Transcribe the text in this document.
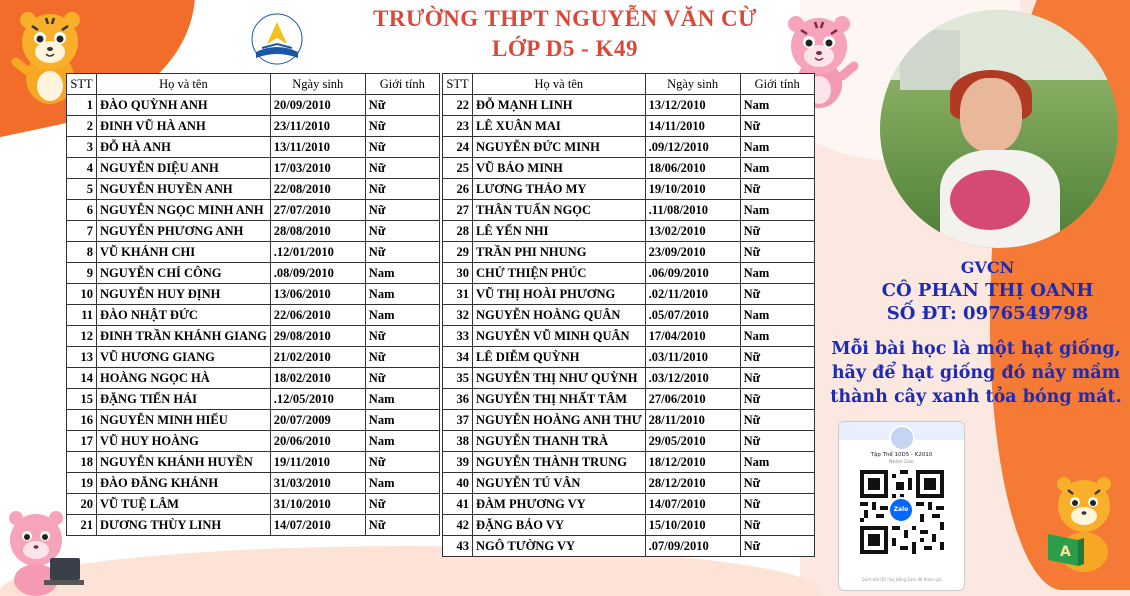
A
TRƯỜNG THPT NGUYỄN VĂN CỪ
LỚP D5 - K49
STT	Họ và tên	Ngày sinh	Giới tính
1	ĐÀO QUỲNH ANH	20/09/2010	Nữ
2	ĐINH VŨ HÀ ANH	23/11/2010	Nữ
3	ĐỖ HÀ ANH	13/11/2010	Nữ
4	NGUYỄN DIỆU ANH	17/03/2010	Nữ
5	NGUYỄN HUYỀN ANH	22/08/2010	Nữ
6	NGUYỄN NGỌC MINH ANH	27/07/2010	Nữ
7	NGUYỄN PHƯƠNG ANH	28/08/2010	Nữ
8	VŨ KHÁNH CHI	.12/01/2010	Nữ
9	NGUYỄN CHÍ CÔNG	.08/09/2010	Nam
10	NGUYỄN HUY ĐỊNH	13/06/2010	Nam
11	ĐÀO NHẬT ĐỨC	22/06/2010	Nam
12	ĐINH TRẦN KHÁNH GIANG	29/08/2010	Nữ
13	VŨ HƯƠNG GIANG	21/02/2010	Nữ
14	HOÀNG NGỌC HÀ	18/02/2010	Nữ
15	ĐẶNG TIẾN HẢI	.12/05/2010	Nam
16	NGUYỄN MINH HIẾU	20/07/2009	Nam
17	VŨ HUY HOÀNG	20/06/2010	Nam
18	NGUYỄN KHÁNH HUYỀN	19/11/2010	Nữ
19	ĐÀO ĐĂNG KHÁNH	31/03/2010	Nam
20	VŨ TUỆ LÂM	31/10/2010	Nữ
21	DƯƠNG THÙY LINH	14/07/2010	Nữ
STT	Họ và tên	Ngày sinh	Giới tính
22	ĐỖ MẠNH LINH	13/12/2010	Nam
23	LÊ XUÂN MAI	14/11/2010	Nữ
24	NGUYỄN ĐỨC MINH	.09/12/2010	Nam
25	VŨ BẢO MINH	18/06/2010	Nam
26	LƯƠNG THẢO MY	19/10/2010	Nữ
27	THÂN TUẤN NGỌC	.11/08/2010	Nam
28	LÊ YẾN NHI	13/02/2010	Nữ
29	TRẦN PHI NHUNG	23/09/2010	Nữ
30	CHỬ THIỆN PHÚC	.06/09/2010	Nam
31	VŨ THỊ HOÀI PHƯƠNG	.02/11/2010	Nữ
32	NGUYỄN HOÀNG QUÂN	.05/07/2010	Nam
33	NGUYỄN VŨ MINH QUÂN	17/04/2010	Nam
34	LÊ DIỄM QUỲNH	.03/11/2010	Nữ
35	NGUYỄN THỊ NHƯ QUỲNH	.03/12/2010	Nữ
36	NGUYỄN THỊ NHẤT TÂM	27/06/2010	Nữ
37	NGUYỄN HOÀNG ANH THƯ	28/11/2010	Nữ
38	NGUYỄN THANH TRÀ	29/05/2010	Nữ
39	NGUYỄN THÀNH TRUNG	18/12/2010	Nam
40	NGUYỄN TÚ VÂN	28/12/2010	Nữ
41	ĐÀM PHƯƠNG VY	14/07/2010	Nữ
42	ĐẶNG BẢO VY	15/10/2010	Nữ
43	NGÔ TƯỜNG VY	.07/09/2010	Nữ
GVCN
CÔ PHAN THỊ OANH
SỐ ĐT: 0976549798
Mỗi bài học là một hạt giống,
hãy để hạt giống đó nảy mầm
thành cây xanh tỏa bóng mát.
Tập Thể 10D5 - K2010
Nhóm Zalo
Zalo
Quét mã QR này bằng Zalo để tham gia
